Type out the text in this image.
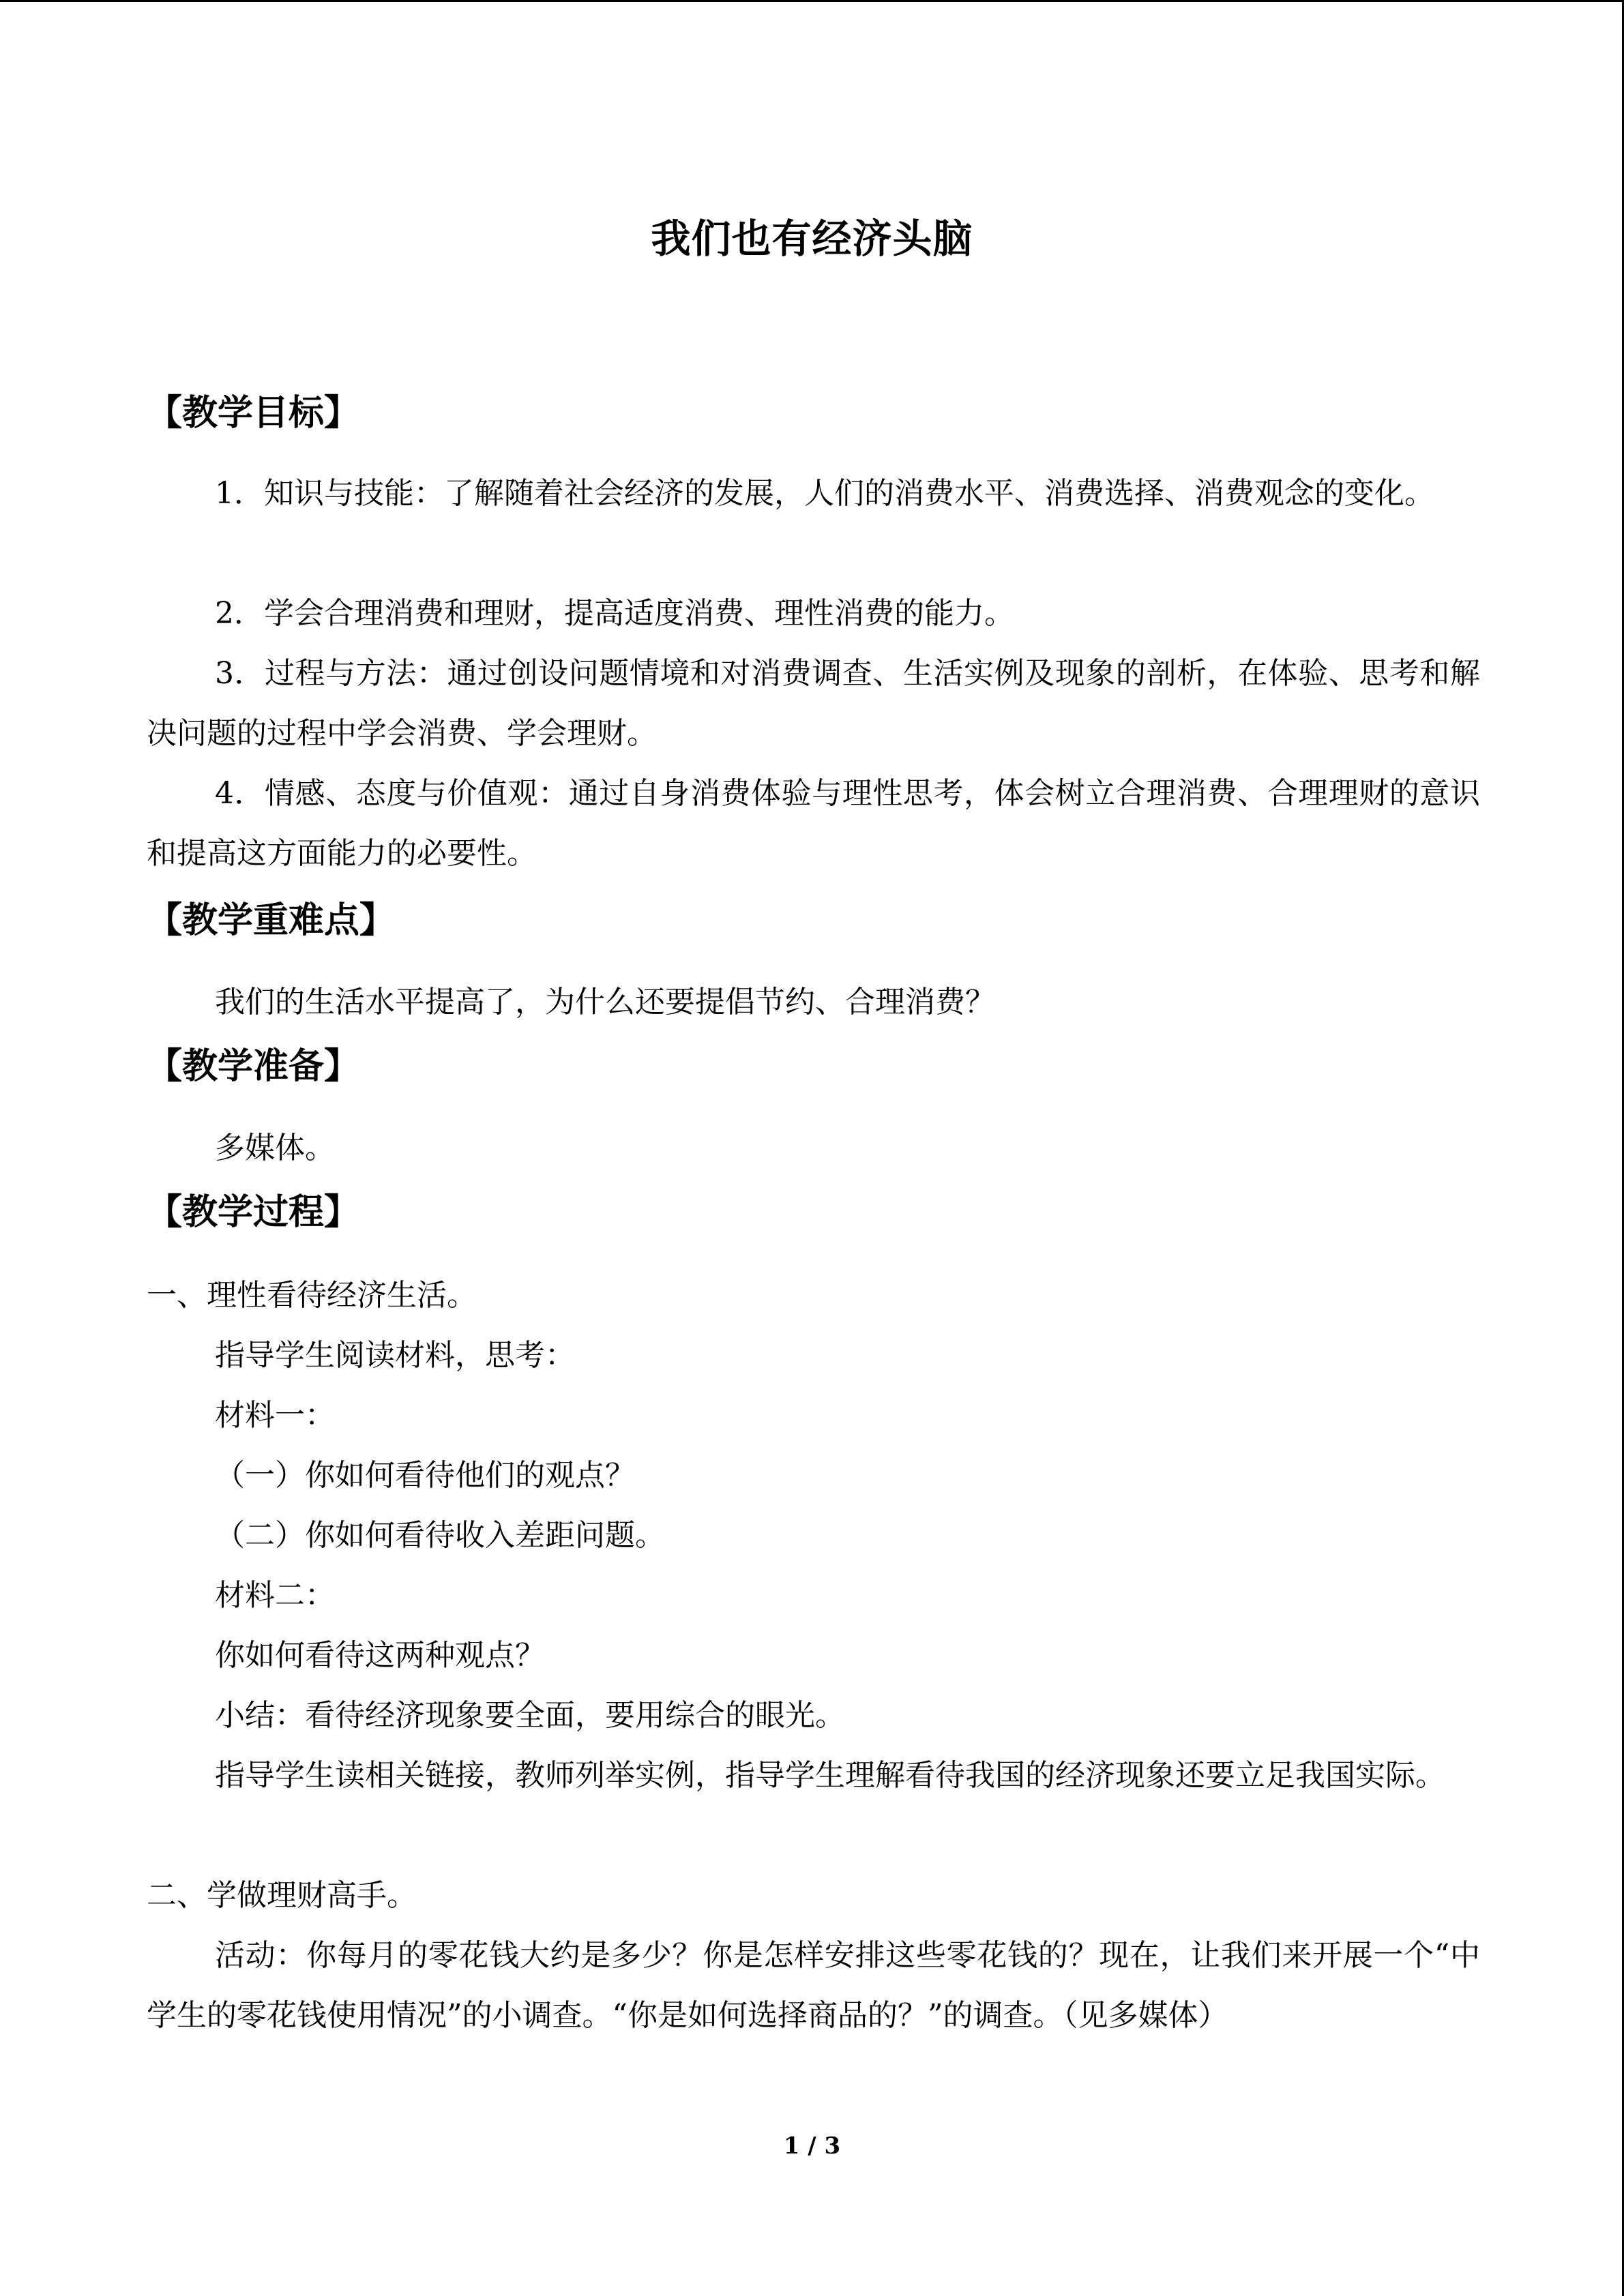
我们也有经济头脑
【教学目标】
1．知识与技能：了解随着社会经济的发展，人们的消费水平、消费选择、消费观念的变化。
2．学会合理消费和理财，提高适度消费、理性消费的能力。
3．过程与方法：通过创设问题情境和对消费调查、生活实例及现象的剖析，在体验、思考和解决问题的过程中学会消费、学会理财。
4．情感、态度与价值观：通过自身消费体验与理性思考，体会树立合理消费、合理理财的意识和提高这方面能力的必要性。
【教学重难点】
我们的生活水平提高了，为什么还要提倡节约、合理消费？
【教学准备】
多媒体。
【教学过程】
一、理性看待经济生活。
指导学生阅读材料，思考：
材料一：
（一）你如何看待他们的观点？
（二）你如何看待收入差距问题。
材料二：
你如何看待这两种观点？
小结：看待经济现象要全面，要用综合的眼光。
指导学生读相关链接，教师列举实例，指导学生理解看待我国的经济现象还要立足我国实际。
二、学做理财高手。
活动：你每月的零花钱大约是多少？你是怎样安排这些零花钱的？现在，让我们来开展一个“中学生的零花钱使用情况”的小调查。“你是如何选择商品的？”的调查。（见多媒体）
1 / 3
